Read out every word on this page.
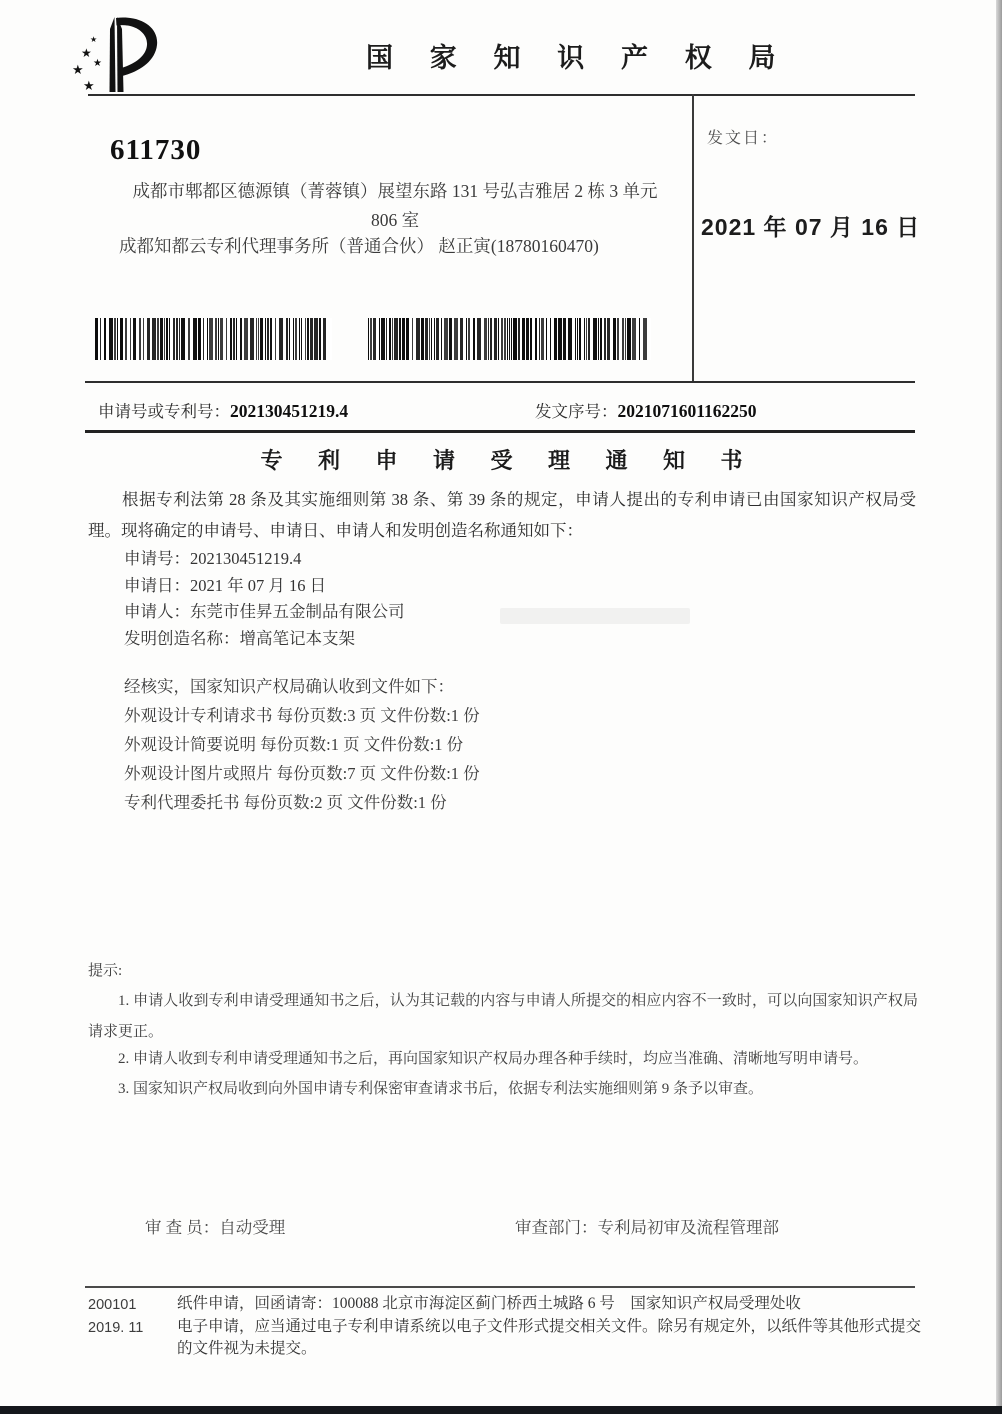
★
★
★
★
★
国 家 知 识 产 权 局
611730
成都市郫都区德源镇（菁蓉镇）展望东路 131 号弘吉雅居 2 栋 3 单元
806 室
成都知都云专利代理事务所（普通合伙） 赵正寅(18780160470)
发文日：
2021 年 07 月 16 日
申请号或专利号：202130451219.4	发文序号：2021071601162250
专 利 申 请 受 理 通 知 书
根据专利法第 28 条及其实施细则第 38 条、第 39 条的规定，申请人提出的专利申请已由国家知识产权局受理。现将确定的申请号、申请日、申请人和发明创造名称通知如下：
申请号：202130451219.4
申请日：2021 年 07 月 16 日
申请人：东莞市佳昇五金制品有限公司
发明创造名称：增高笔记本支架
经核实，国家知识产权局确认收到文件如下：
外观设计专利请求书 每份页数:3 页 文件份数:1 份
外观设计简要说明 每份页数:1 页 文件份数:1 份
外观设计图片或照片 每份页数:7 页 文件份数:1 份
专利代理委托书 每份页数:2 页 文件份数:1 份
提示:
1. 申请人收到专利申请受理通知书之后，认为其记载的内容与申请人所提交的相应内容不一致时，可以向国家知识产权局请求更正。
2. 申请人收到专利申请受理通知书之后，再向国家知识产权局办理各种手续时，均应当准确、清晰地写明申请号。
3. 国家知识产权局收到向外国申请专利保密审查请求书后，依据专利法实施细则第 9 条予以审查。
审 查 员：自动受理	审查部门：专利局初审及流程管理部
200101
2019. 11
纸件申请，回函请寄：100088 北京市海淀区蓟门桥西土城路 6 号　国家知识产权局受理处收
电子申请，应当通过电子专利申请系统以电子文件形式提交相关文件。除另有规定外，以纸件等其他形式提交的文件视为未提交。
